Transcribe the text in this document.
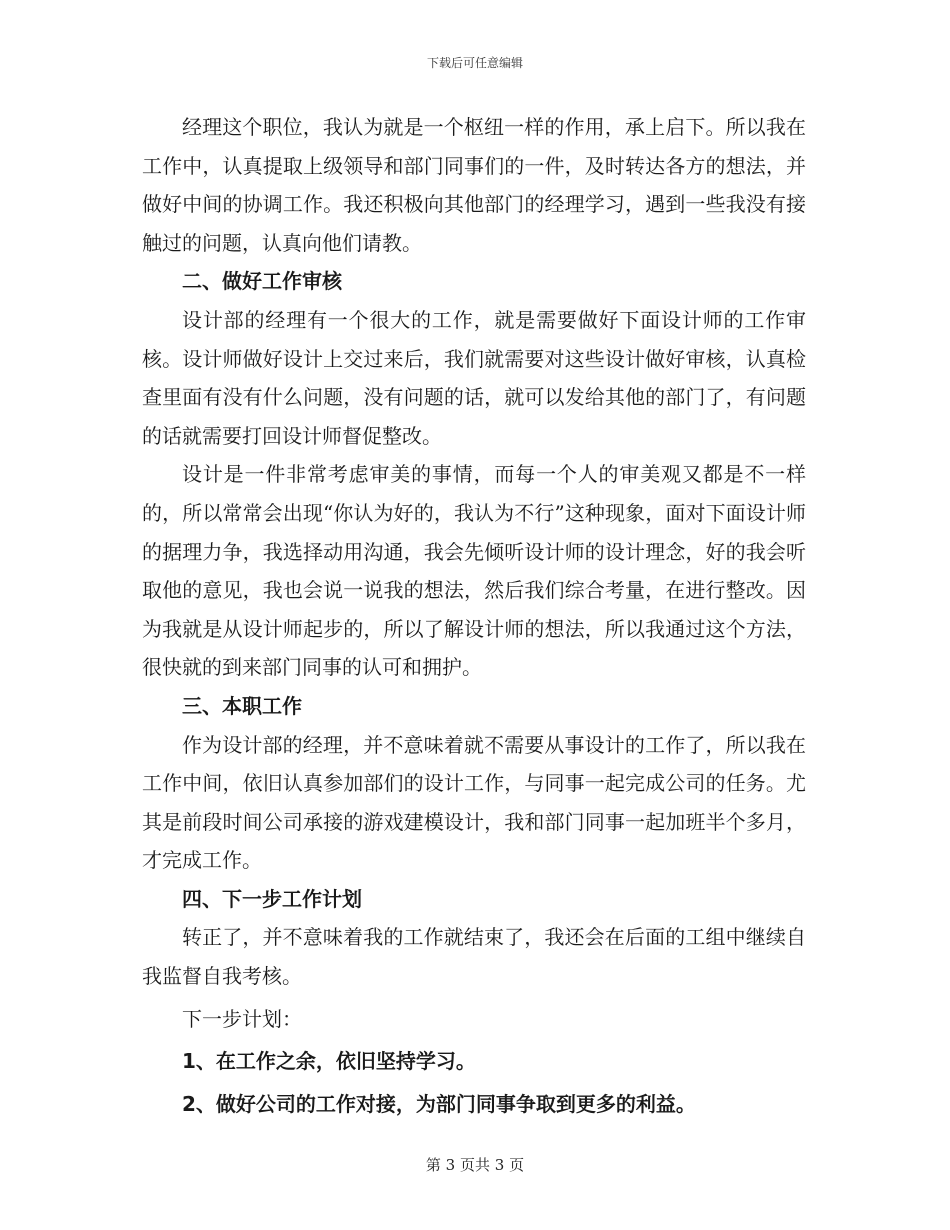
下载后可任意编辑

经理这个职位，我认为就是一个枢纽一样的作用，承上启下。所以我在工作中，认真提取上级领导和部门同事们的一件，及时转达各方的想法，并做好中间的协调工作。我还积极向其他部门的经理学习，遇到一些我没有接触过的问题，认真向他们请教。

二、做好工作审核

设计部的经理有一个很大的工作，就是需要做好下面设计师的工作审核。设计师做好设计上交过来后，我们就需要对这些设计做好审核，认真检查里面有没有什么问题，没有问题的话，就可以发给其他的部门了，有问题的话就需要打回设计师督促整改。

设计是一件非常考虑审美的事情，而每一个人的审美观又都是不一样的，所以常常会出现“你认为好的，我认为不行”这种现象，面对下面设计师的据理力争，我选择动用沟通，我会先倾听设计师的设计理念，好的我会听取他的意见，我也会说一说我的想法，然后我们综合考量，在进行整改。因为我就是从设计师起步的，所以了解设计师的想法，所以我通过这个方法，很快就的到来部门同事的认可和拥护。

三、本职工作

作为设计部的经理，并不意味着就不需要从事设计的工作了，所以我在工作中间，依旧认真参加部们的设计工作，与同事一起完成公司的任务。尤其是前段时间公司承接的游戏建模设计，我和部门同事一起加班半个多月，才完成工作。

四、下一步工作计划

转正了，并不意味着我的工作就结束了，我还会在后面的工组中继续自我监督自我考核。

下一步计划：

1、在工作之余，依旧坚持学习。

2、做好公司的工作对接，为部门同事争取到更多的利益。

第 3 页共 3 页
